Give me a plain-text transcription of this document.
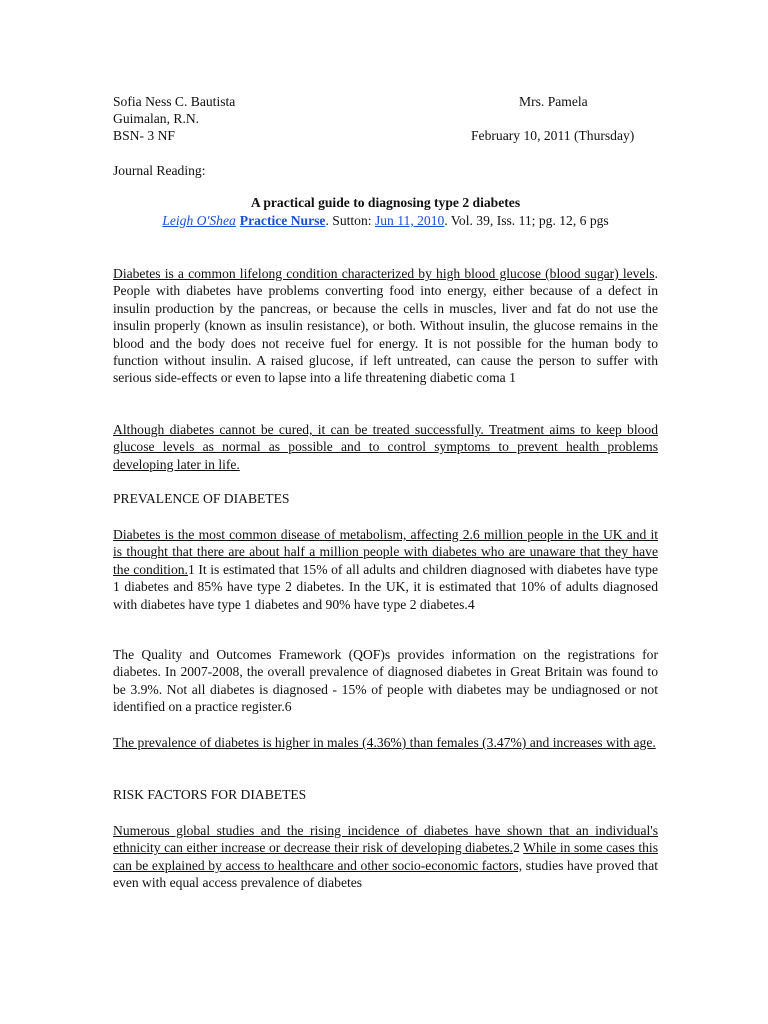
Sofia Ness C. Bautista	Mrs. Pamela
Guimalan, R.N.
BSN- 3 NF	February 10, 2011 (Thursday)
Journal Reading:
A practical guide to diagnosing type 2 diabetes
Leigh O'Shea Practice Nurse. Sutton: Jun 11, 2010. Vol. 39, Iss. 11; pg. 12, 6 pgs
Diabetes is a common lifelong condition characterized by high blood glucose (blood sugar) levels. People with diabetes have problems converting food into energy, either because of a defect in insulin production by the pancreas, or because the cells in muscles, liver and fat do not use the insulin properly (known as insulin resistance), or both. Without insulin, the glucose remains in the blood and the body does not receive fuel for energy. It is not possible for the human body to function without insulin. A raised glucose, if left untreated, can cause the person to suffer with serious side-effects or even to lapse into a life threatening diabetic coma 1
Although diabetes cannot be cured, it can be treated successfully. Treatment aims to keep blood glucose levels as normal as possible and to control symptoms to prevent health problems developing later in life.
PREVALENCE OF DIABETES
Diabetes is the most common disease of metabolism, affecting 2.6 million people in the UK and it is thought that there are about half a million people with diabetes who are unaware that they have the condition.1 It is estimated that 15% of all adults and children diagnosed with diabetes have type 1 diabetes and 85% have type 2 diabetes. In the UK, it is estimated that 10% of adults diagnosed with diabetes have type 1 diabetes and 90% have type 2 diabetes.4
The Quality and Outcomes Framework (QOF)s provides information on the registrations for diabetes. In 2007-2008, the overall prevalence of diagnosed diabetes in Great Britain was found to be 3.9%. Not all diabetes is diagnosed - 15% of people with diabetes may be undiagnosed or not identified on a practice register.6
The prevalence of diabetes is higher in males (4.36%) than females (3.47%) and increases with age.
RISK FACTORS FOR DIABETES
Numerous global studies and the rising incidence of diabetes have shown that an individual's ethnicity can either increase or decrease their risk of developing diabetes.2 While in some cases this can be explained by access to healthcare and other socio-economic factors, studies have proved that even with equal access prevalence of diabetes
